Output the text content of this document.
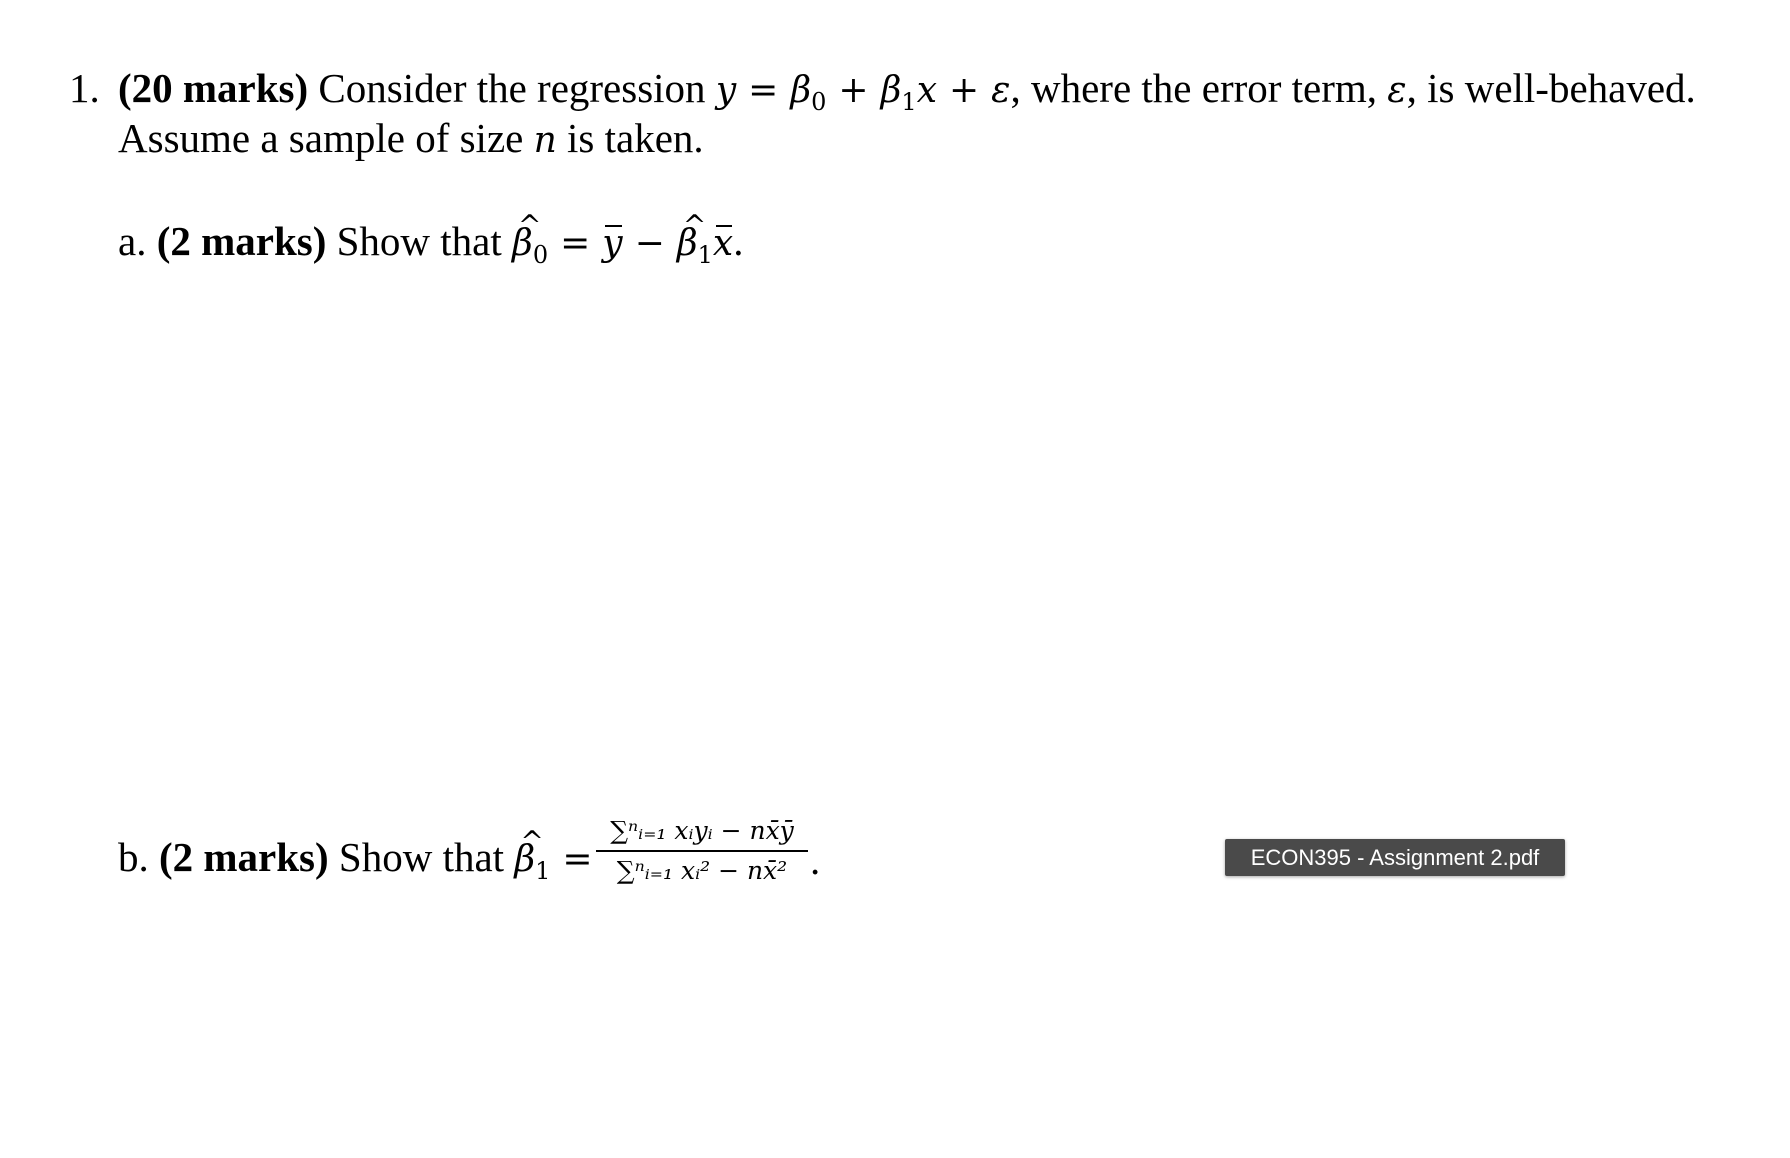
1. (20 marks) Consider the regression $y = \beta_0 + \beta_1x + \varepsilon$, where the error term, ε, is well-behaved.
Assume a sample of size n is taken.
a. (2 marks) Show that ^ $\beta_0 = y$ − ^ $\beta_1x$.
b. (2 marks) Show that ^ $\beta_1$ =
∑ⁿᵢ₌₁ xᵢyᵢ − nx̄ȳ
∑ⁿᵢ₌₁ xᵢ² − nx̄² .	ECON395 - Assignment 2.pdf
